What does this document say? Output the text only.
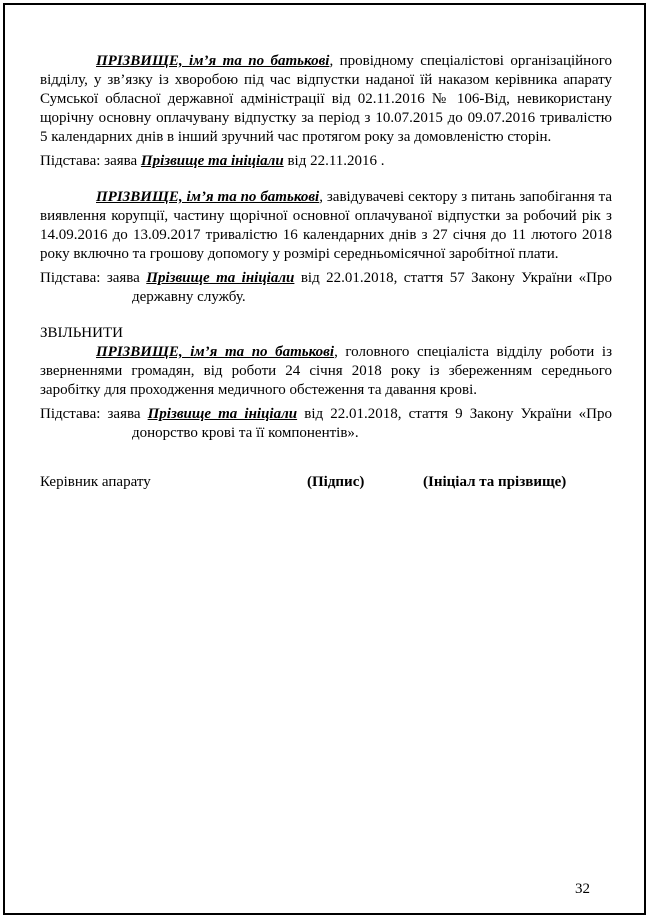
ПРІЗВИЩЕ, ім’я та по батькові, провідному спеціалістові організаційного відділу, у зв’язку із хворобою під час відпустки наданої їй наказом керівника апарату Сумської обласної державної адміністрації від 02.11.2016 № 106-Від, невикористану щорічну основну оплачувану відпустку за період з 10.07.2015 до 09.07.2016 тривалістю 5 календарних днів в інший зручний час протягом року за домовленістю сторін.

Підстава: заява Прізвище та ініціали від 22.11.2016 .

ПРІЗВИЩЕ, ім’я та по батькові, завідувачеві сектору з питань запобігання та виявлення корупції, частину щорічної основної оплачуваної відпустки за робочий рік з 14.09.2016 до 13.09.2017 тривалістю 16 календарних днів з 27 січня до 11 лютого 2018 року включно та грошову допомогу у розмірі середньомісячної заробітної плати.

Підстава: заява Прізвище та ініціали від 22.01.2018, стаття 57 Закону України «Про державну службу.

ЗВІЛЬНИТИ

ПРІЗВИЩЕ, ім’я та по батькові, головного спеціаліста відділу роботи із зверненнями громадян, від роботи 24 січня 2018 року із збереженням середнього заробітку для проходження медичного обстеження та давання крові.

Підстава: заява Прізвище та ініціали від 22.01.2018, стаття 9 Закону України «Про донорство крові та її компонентів».

Керівник апарату	(Підпис)	(Ініціал та прізвище)
32
